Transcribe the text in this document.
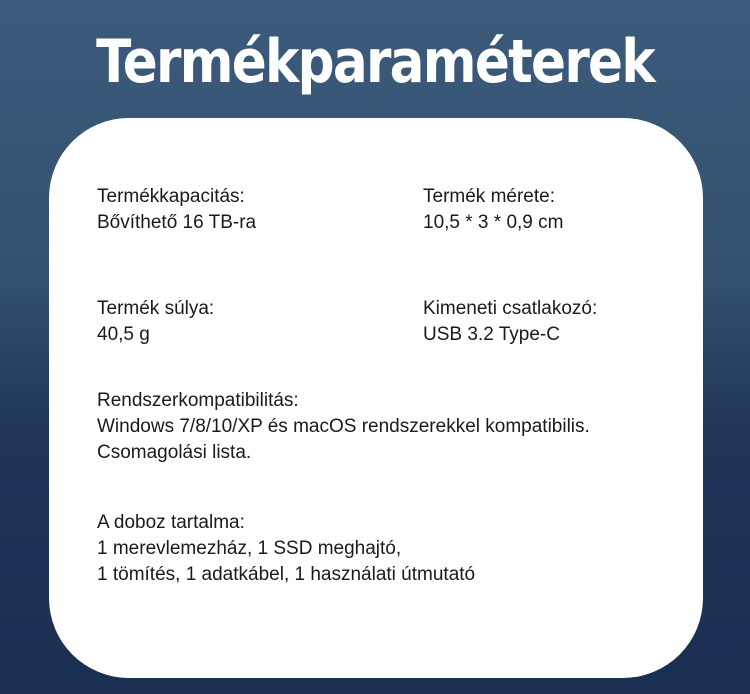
Termékparaméterek
Termékkapacitás:
Bővíthető 16 TB-ra
Termék mérete:
10,5 * 3 * 0,9 cm
Termék súlya:
40,5 g
Kimeneti csatlakozó:
USB 3.2 Type-C
Rendszerkompatibilitás:
Windows 7/8/10/XP és macOS rendszerekkel kompatibilis.
Csomagolási lista.
A doboz tartalma:
1 merevlemezház, 1 SSD meghajtó,
1 tömítés, 1 adatkábel, 1 használati útmutató
